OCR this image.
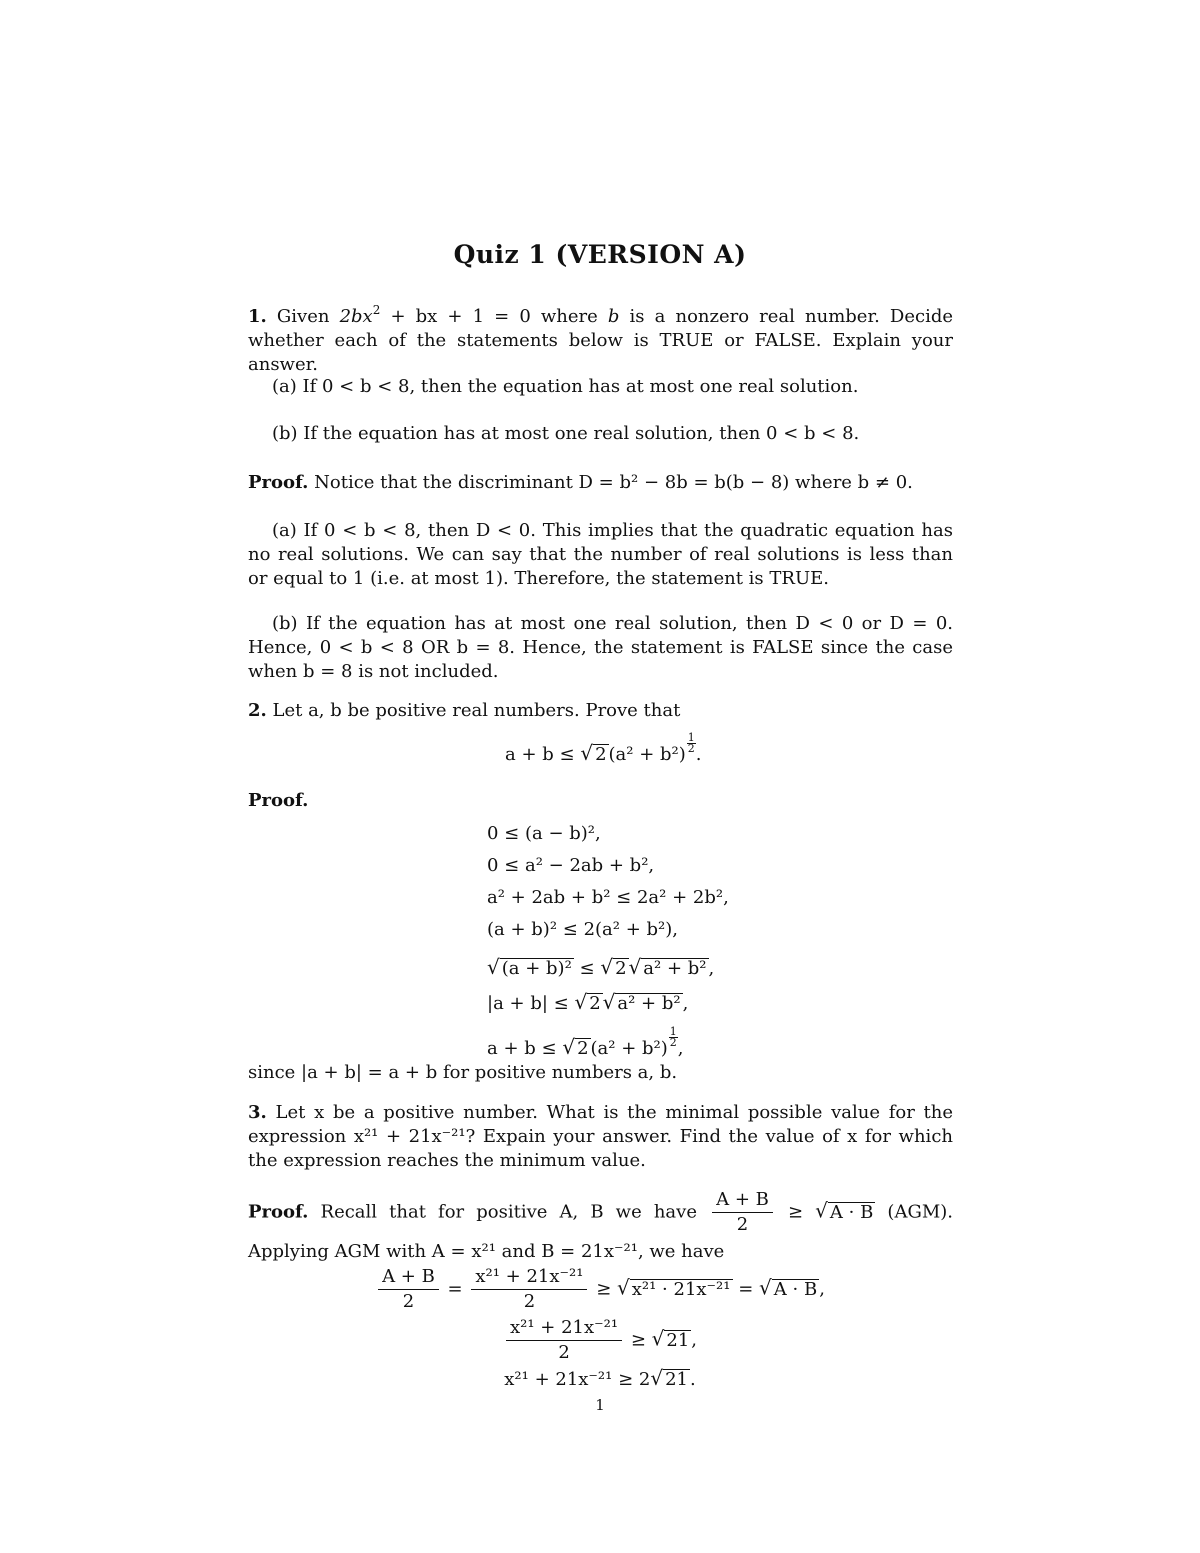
Quiz 1 (VERSION A)
1. Given $2bx^2$ + bx + 1 = 0 where b is a nonzero real number. Decide whether each of the statements below is TRUE or FALSE. Explain your answer.
(a) If 0 < b < 8, then the equation has at most one real solution.
(b) If the equation has at most one real solution, then 0 < b < 8.
Proof. Notice that the discriminant D = b² − 8b = b(b − 8) where b ≠ 0.
(a) If 0 < b < 8, then D < 0. This implies that the quadratic equation has no real solutions. We can say that the number of real solutions is less than or equal to 1 (i.e. at most 1). Therefore, the statement is TRUE.
(b) If the equation has at most one real solution, then D < 0 or D = 0. Hence, 0 < b < 8 OR b = 8. Hence, the statement is FALSE since the case when b = 8 is not included.
2. Let a, b be positive real numbers. Prove that
a + b ≤ √ 2 (a² + b²)
$\frac{1}{2}$
.
Proof.
0 ≤ (a − b)²,
0 ≤ a² − 2ab + b²,
a² + 2ab + b² ≤ 2a² + 2b²,
(a + b)² ≤ 2(a² + b²),
√ (a + b)² ≤ √ 2 √ a² + b² ,
|a + b| ≤ √ 2 √ a² + b² ,
a + b ≤ √ 2 (a² + b²)
$\frac{1}{2}$
,
since |a + b| = a + b for positive numbers a, b.
3. Let x be a positive number. What is the minimal possible value for the expression x²¹ + 21x⁻²¹? Expain your answer. Find the value of x for which the expression reaches the minimum value.
Proof. Recall that for positive A, B we have $\frac{A + B}{2}$ ≥ √ A · B (AGM). Applying AGM with A = x²¹ and B = 21x⁻²¹, we have
$\frac{A + B}{2} = \frac{\text{x²¹ + 21x⁻²¹}}{2}$ ≥ √ x²¹ · 21x⁻²¹ = √ A · B ,
$\frac{\text{x²¹ + 21x⁻²¹}}{2}$ ≥ √ 21 ,
x²¹ + 21x⁻²¹ ≥ 2√ 21 .
1
